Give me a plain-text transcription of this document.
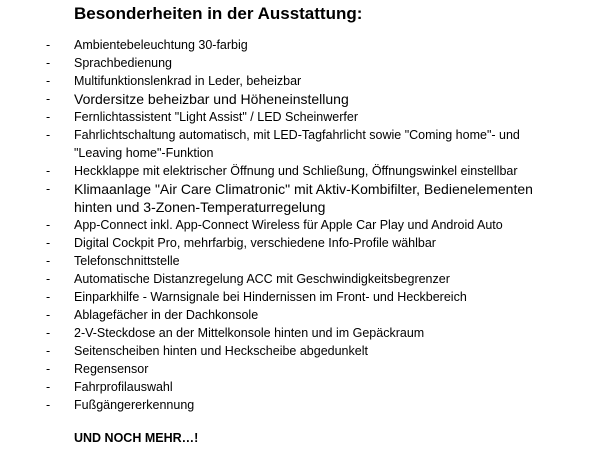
Besonderheiten in der Ausstattung:
- Ambientebeleuchtung 30-farbig
- Sprachbedienung
- Multifunktionslenkrad in Leder, beheizbar
- Vordersitze beheizbar und Höheneinstellung
- Fernlichtassistent "Light Assist" / LED Scheinwerfer
- Fahrlichtschaltung automatisch, mit LED-Tagfahrlicht sowie "Coming home"- und "Leaving home"-Funktion
- Heckklappe mit elektrischer Öffnung und Schließung, Öffnungswinkel einstellbar
- Klimaanlage "Air Care Climatronic" mit Aktiv-Kombifilter, Bedienelementen hinten und 3-Zonen-Temperaturregelung
- App-Connect inkl. App-Connect Wireless für Apple Car Play und Android Auto
- Digital Cockpit Pro, mehrfarbig, verschiedene Info-Profile wählbar
- Telefonschnittstelle
- Automatische Distanzregelung ACC mit Geschwindigkeitsbegrenzer
- Einparkhilfe - Warnsignale bei Hindernissen im Front- und Heckbereich
- Ablagefächer in der Dachkonsole
- 2-V-Steckdose an der Mittelkonsole hinten und im Gepäckraum
- Seitenscheiben hinten und Heckscheibe abgedunkelt
- Regensensor
- Fahrprofilauswahl
- Fußgängererkennung
UND NOCH MEHR…!
